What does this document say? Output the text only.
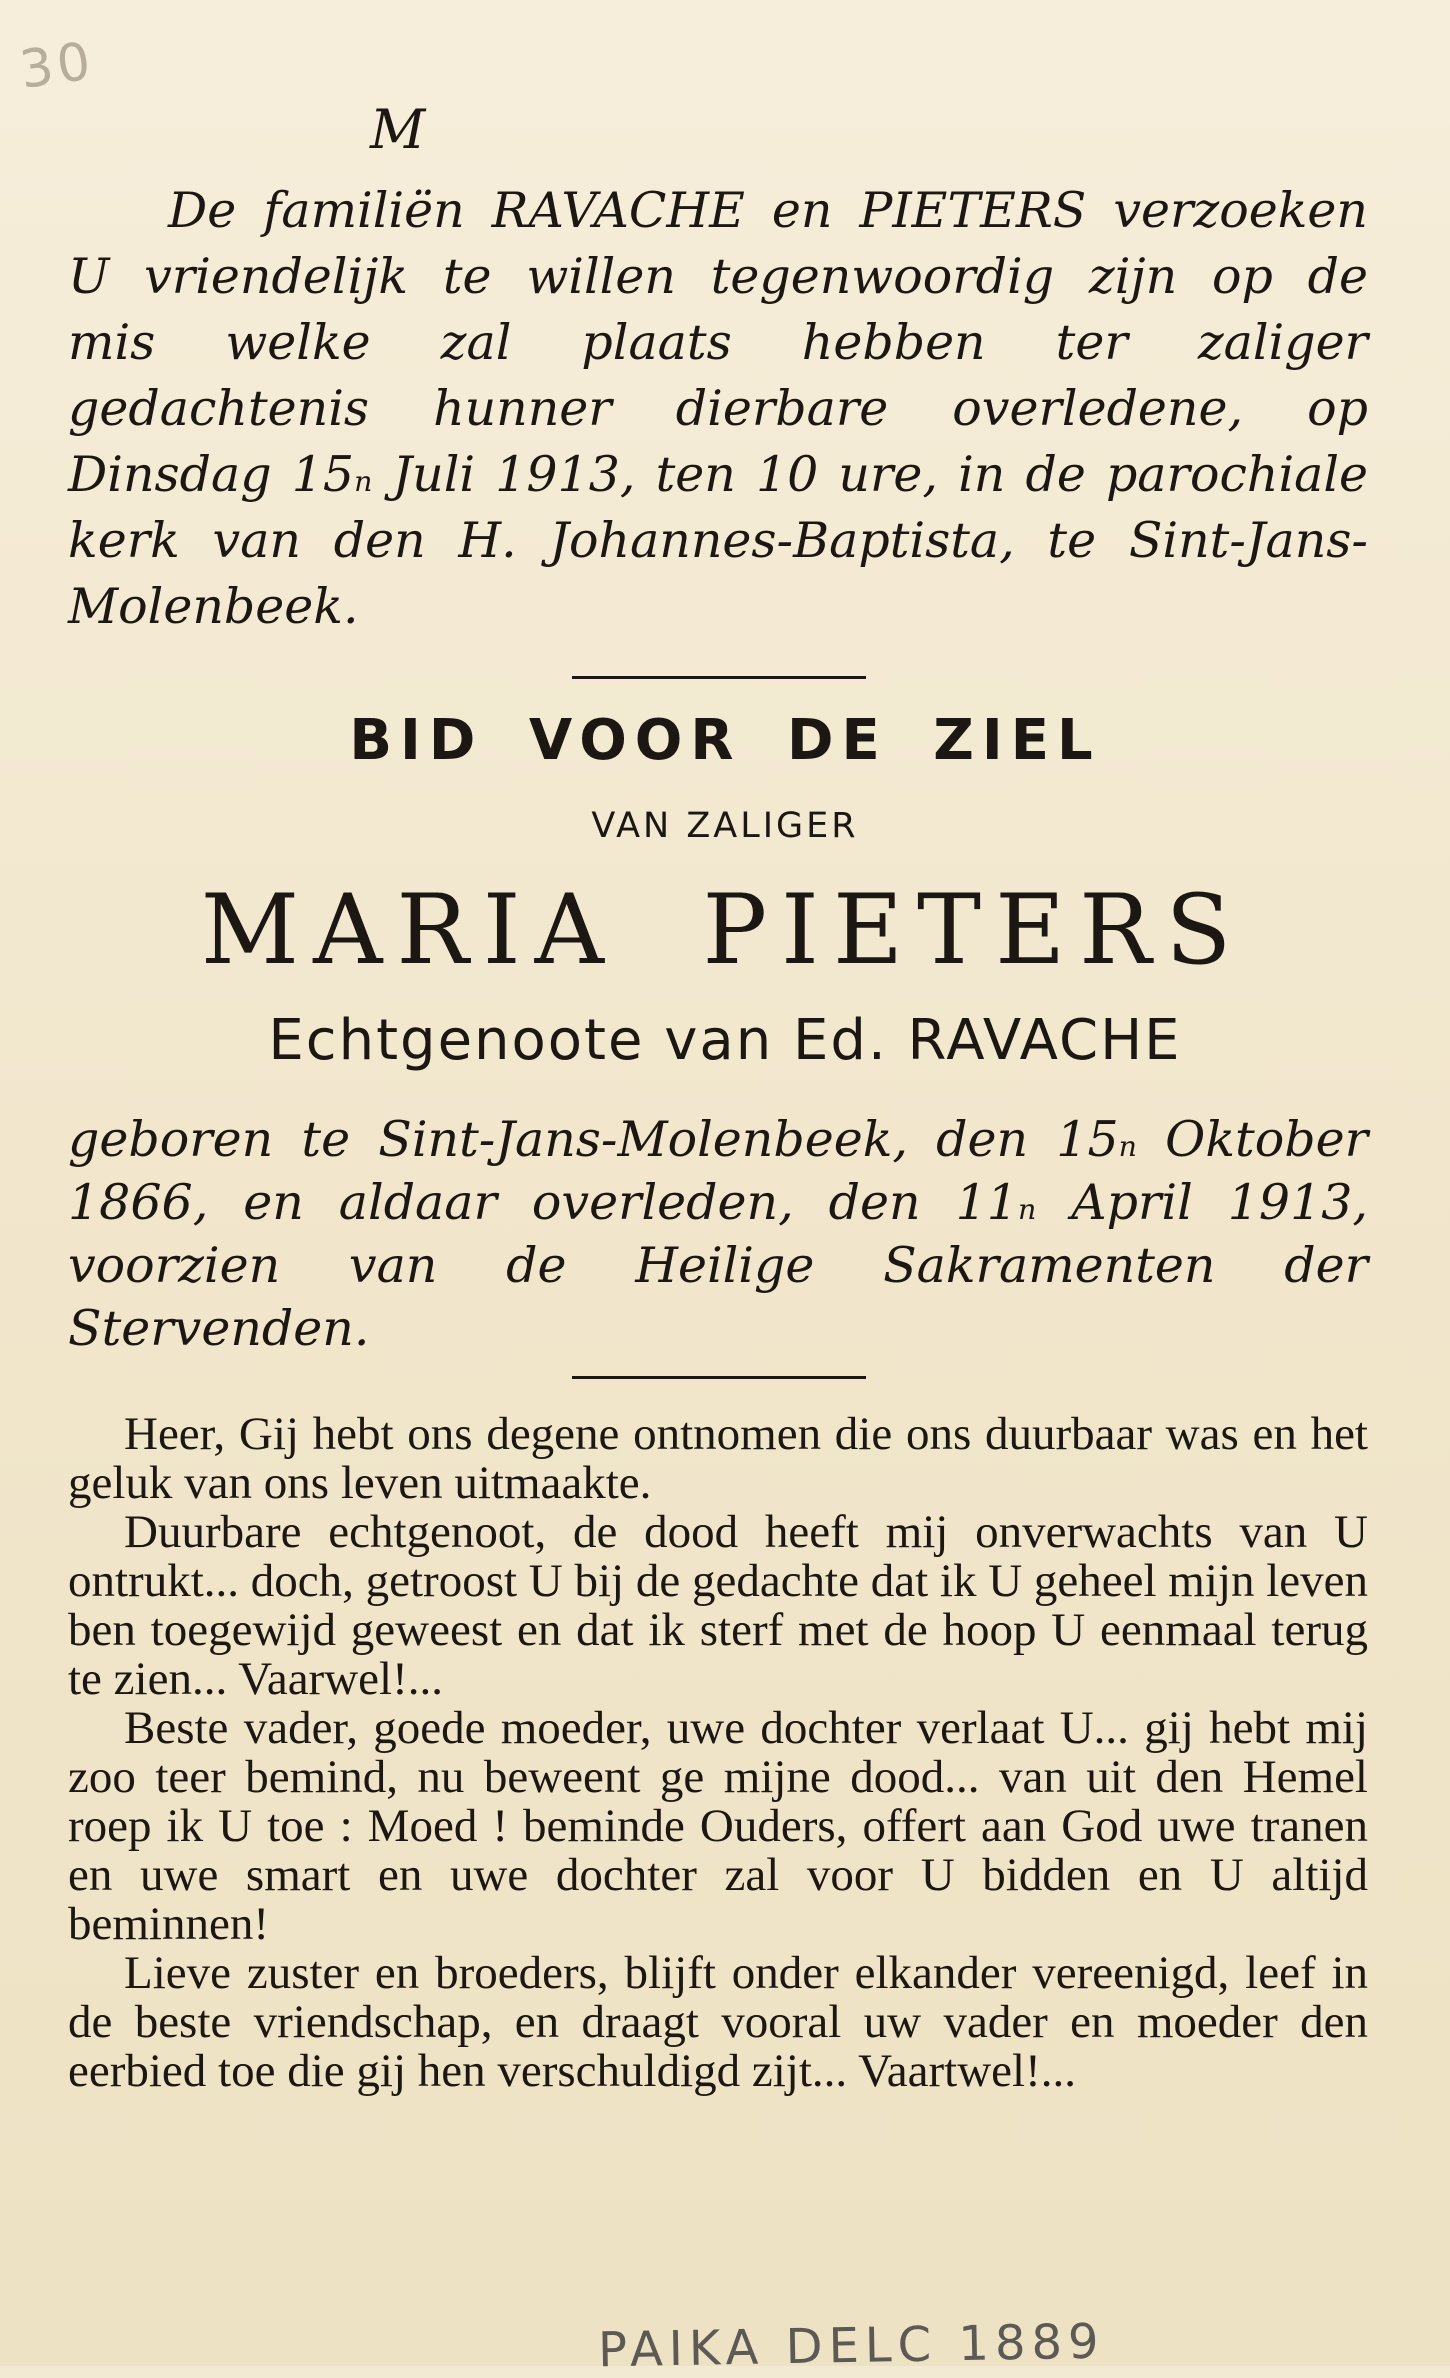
30
M
De familiën RAVACHE en PIETERS verzoeken U vriendelijk te willen tegenwoordig zijn op de mis welke zal plaats hebben ter zaliger gedachtenis hunner dierbare overledene, op Dinsdag 15$^n$ Juli 1913, ten 10 ure, in de parochiale kerk van den H. Johannes-Baptista, te Sint-Jans-Molenbeek.
BID VOOR DE ZIEL
VAN ZALIGER
MARIA PIETERS
Echtgenoote van Ed. RAVACHE
geboren te Sint-Jans-Molenbeek, den 15$^n$ Oktober 1866, en aldaar overleden, den 11$^n$ April 1913, voorzien van de Heilige Sakramenten der Stervenden.

Heer, Gij hebt ons degene ontnomen die ons duurbaar was en het geluk van ons leven uitmaakte.

Duurbare echtgenoot, de dood heeft mij onverwachts van U ontrukt... doch, getroost U bij de gedachte dat ik U geheel mijn leven ben toegewijd geweest en dat ik sterf met de hoop U eenmaal terug te zien... Vaarwel!...

Beste vader, goede moeder, uwe dochter verlaat U... gij hebt mij zoo teer bemind, nu beweent ge mijne dood... van uit den Hemel roep ik U toe : Moed ! beminde Ouders, offert aan God uwe tranen en uwe smart en uwe dochter zal voor U bidden en U altijd beminnen!

Lieve zuster en broeders, blijft onder elkander vereenigd, leef in de beste vriendschap, en draagt vooral uw vader en moeder den eerbied toe die gij hen verschuldigd zijt... Vaartwel!...

PAIKA DELC 1889
